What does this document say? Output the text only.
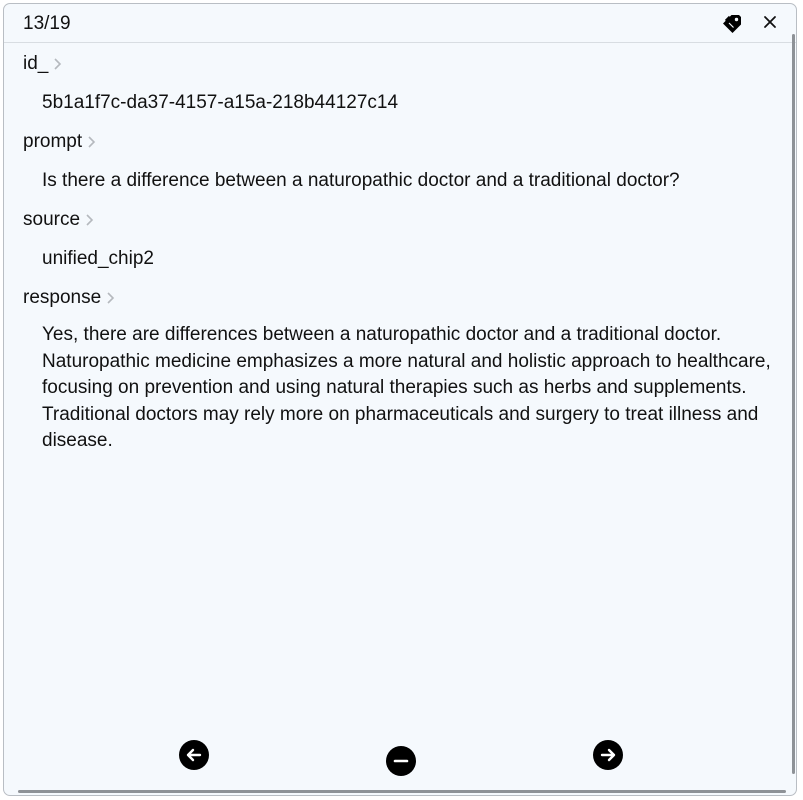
13/19
id_
5b1a1f7c-da37-4157-a15a-218b44127c14
prompt
Is there a difference between a naturopathic doctor and a traditional doctor?
source
unified_chip2
response
Yes, there are differences between a naturopathic doctor and a traditional doctor. Naturopathic medicine emphasizes a more natural and holistic approach to healthcare, focusing on prevention and using natural therapies such as herbs and supplements. Traditional doctors may rely more on pharmaceuticals and surgery to treat illness and disease.
